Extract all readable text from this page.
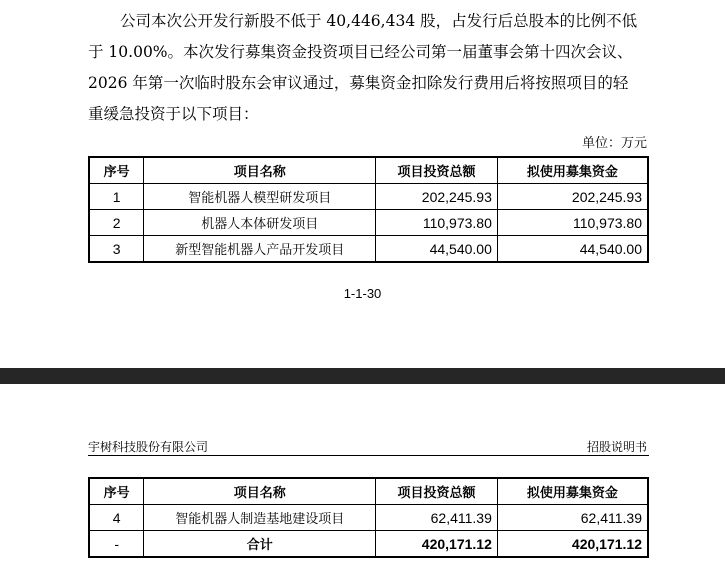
公司本次公开发行新股不低于 40,446,434 股，占发行后总股本的比例不低

于 10.00%。本次发行募集资金投资项目已经公司第一届董事会第十四次会议、

2026 年第一次临时股东会审议通过，募集资金扣除发行费用后将按照项目的轻

重缓急投资于以下项目：

单位：万元
序号	项目名称	项目投资总额	拟使用募集资金
1	智能机器人模型研发项目	202,245.93	202,245.93
2	机器人本体研发项目	110,973.80	110,973.80
3	新型智能机器人产品开发项目	44,540.00	44,540.00
1-1-30
宇树科技股份有限公司	招股说明书
序号	项目名称	项目投资总额	拟使用募集资金
4	智能机器人制造基地建设项目	62,411.39	62,411.39
-	合计	420,171.12	420,171.12
